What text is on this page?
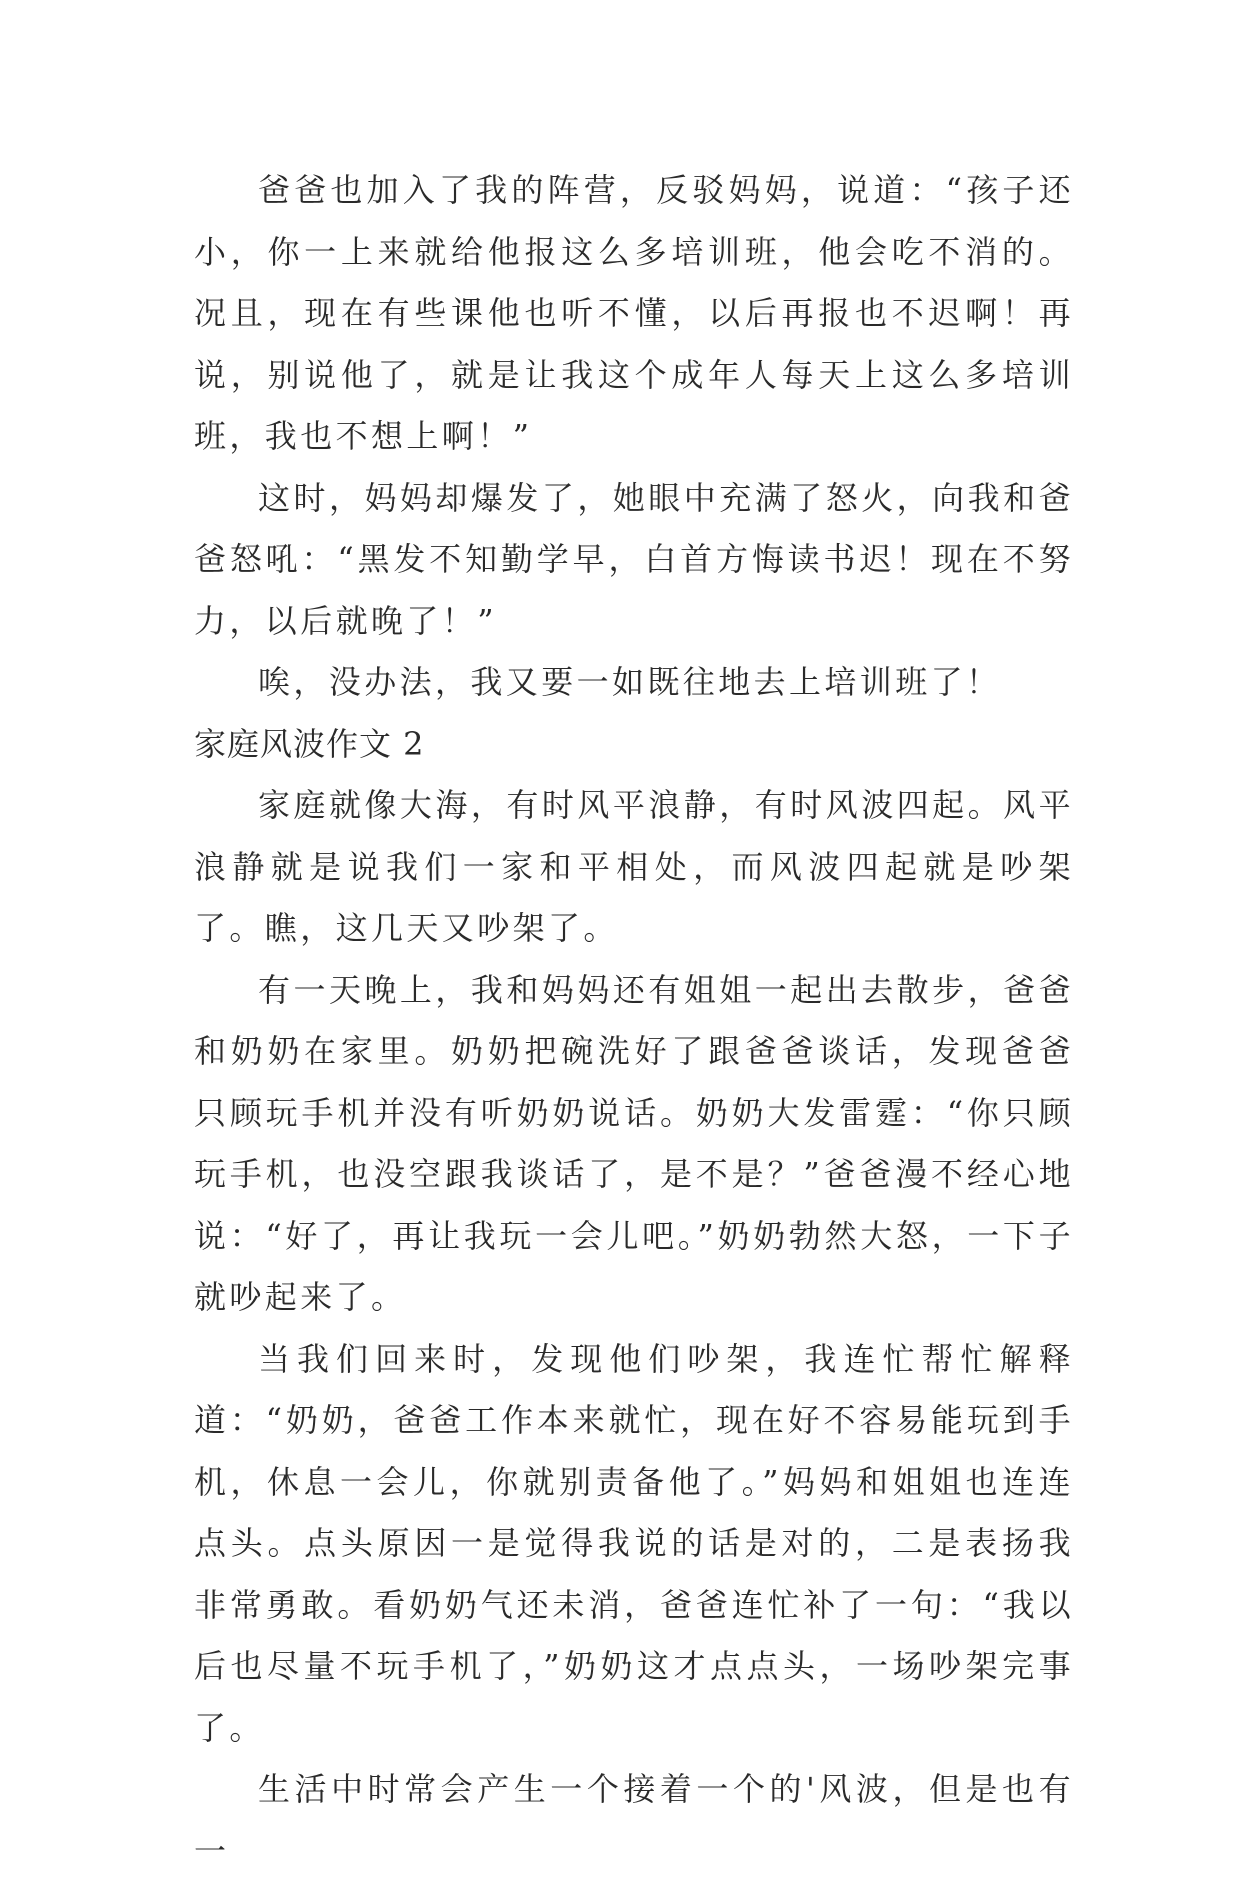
爸爸也加入了我的阵营，反驳妈妈，说道：“孩子还小，你一上来就给他报这么多培训班，他会吃不消的。况且，现在有些课他也听不懂，以后再报也不迟啊！再说，别说他了，就是让我这个成年人每天上这么多培训班，我也不想上啊！”

这时，妈妈却爆发了，她眼中充满了怒火，向我和爸爸怒吼：“黑发不知勤学早，白首方悔读书迟！现在不努力，以后就晚了！”

唉，没办法，我又要一如既往地去上培训班了！

家庭风波作文 2

家庭就像大海，有时风平浪静，有时风波四起。风平浪静就是说我们一家和平相处，而风波四起就是吵架了。瞧，这几天又吵架了。

有一天晚上，我和妈妈还有姐姐一起出去散步，爸爸和奶奶在家里。奶奶把碗洗好了跟爸爸谈话，发现爸爸只顾玩手机并没有听奶奶说话。奶奶大发雷霆：“你只顾玩手机，也没空跟我谈话了，是不是？”爸爸漫不经心地说：“好了，再让我玩一会儿吧。”奶奶勃然大怒，一下子就吵起来了。

当我们回来时，发现他们吵架，我连忙帮忙解释道：“奶奶，爸爸工作本来就忙，现在好不容易能玩到手机，休息一会儿，你就别责备他了。”妈妈和姐姐也连连点头。点头原因一是觉得我说的话是对的，二是表扬我非常勇敢。看奶奶气还未消，爸爸连忙补了一句：“我以后也尽量不玩手机了，”奶奶这才点点头，一场吵架完事了。

生活中时常会产生一个接着一个的'风波，但是也有一
